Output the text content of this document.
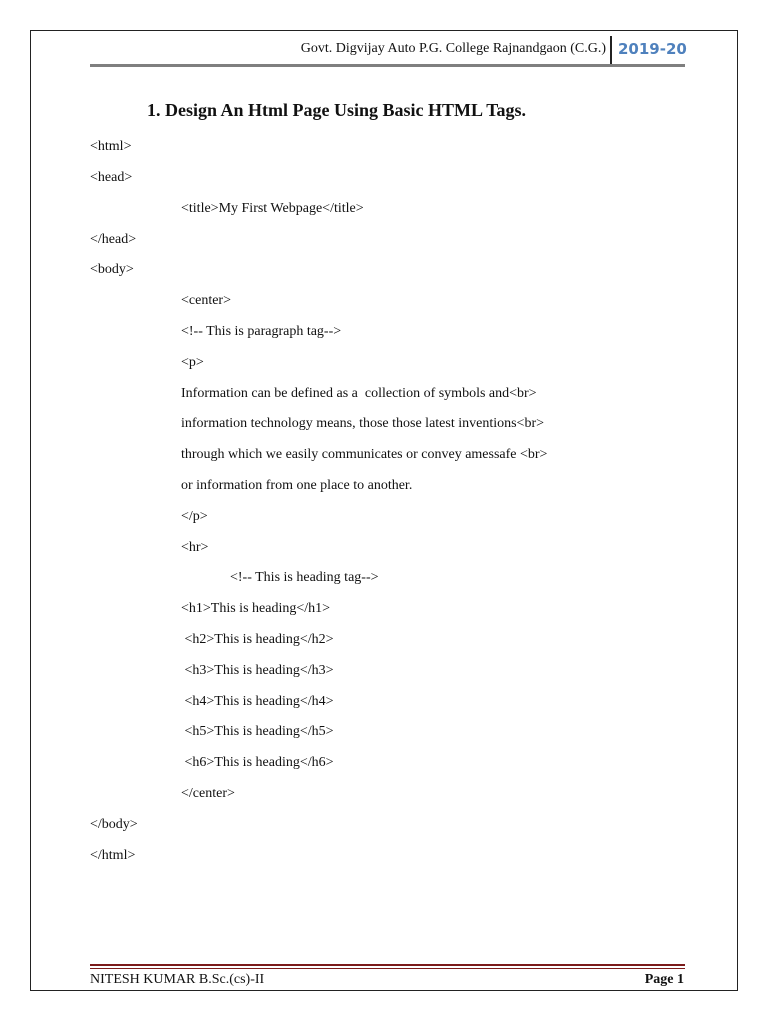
Govt. Digvijay Auto P.G. College Rajnandgaon (C.G.) 2019-20
1. Design An Html Page Using Basic HTML Tags.
<html>
<head>
<title>My First Webpage</title>
</head>
<body>
<center>
<!-- This is paragraph tag-->
<p>
Information can be defined as a  collection of symbols and<br>
information technology means, those those latest inventions<br>
through which we easily communicates or convey amessafe <br>
or information from one place to another.
</p>
<hr>
<!-- This is heading tag-->
<h1>This is heading</h1>
<h2>This is heading</h2>
<h3>This is heading</h3>
<h4>This is heading</h4>
<h5>This is heading</h5>
<h6>This is heading</h6>
</center>
</body>
</html>
NITESH KUMAR B.Sc.(cs)-II	Page 1
